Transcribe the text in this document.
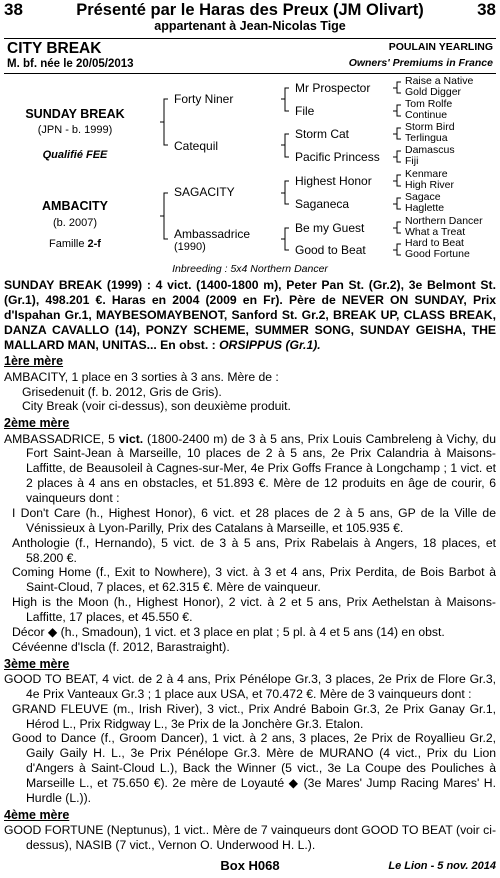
38	Présenté par le Haras des Preux (JM Olivart)	38
appartenant à Jean-Nicolas Tige
CITY BREAK	POULAIN YEARLING
M. bf. née le 20/05/2013	Owners' Premiums in France
SUNDAY BREAK
(JPN - b. 1999)
Qualifié FEE
AMBACITY
(b. 2007)
Famille 2-f
Forty Niner
Catequil
SAGACITY
Ambassadrice
(1990)
Mr Prospector
File
Storm Cat
Pacific Princess
Highest Honor
Saganeca
Be my Guest
Good to Beat
Raise a Native
Gold Digger
Tom Rolfe
Continue
Storm Bird
Terlingua
Damascus
Fiji
Kenmare
High River
Sagace
Haglette
Northern Dancer
What a Treat
Hard to Beat
Good Fortune
Inbreeding : 5x4 Northern Dancer

SUNDAY BREAK (1999) : 4 vict. (1400-1800 m), Peter Pan St. (Gr.2), 3e Belmont St. (Gr.1), 498.201 €. Haras en 2004 (2009 en Fr). Père de NEVER ON SUNDAY, Prix d'Ispahan Gr.1, MAYBESOMAYBENOT, Sanford St. Gr.2, BREAK UP, CLASS BREAK, DANZA CAVALLO (14), PONZY SCHEME, SUMMER SONG, SUNDAY GEISHA, THE MALLARD MAN, UNITAS... En obst. : ORSIPPUS (Gr.1).

1ère mère

AMBACITY, 1 place en 3 sorties à 3 ans. Mère de :

Grisedenuit (f. b. 2012, Gris de Gris).

City Break (voir ci-dessus), son deuxième produit.

2ème mère

AMBASSADRICE, 5 vict. (1800-2400 m) de 3 à 5 ans, Prix Louis Cambreleng à Vichy, du Fort Saint-Jean à Marseille, 10 places de 2 à 5 ans, 2e Prix Calandria à Maisons-Laffitte, de Beausoleil à Cagnes-sur-Mer, 4e Prix Goffs France à Longchamp ; 1 vict. et 2 places à 4 ans en obstacles, et 51.893 €. Mère de 12 produits en âge de courir, 6 vainqueurs dont :

I Don't Care (h., Highest Honor), 6 vict. et 28 places de 2 à 5 ans, GP de la Ville de Vénissieux à Lyon-Parilly, Prix des Catalans à Marseille, et 105.935 €.

Anthologie (f., Hernando), 5 vict. de 3 à 5 ans, Prix Rabelais à Angers, 18 places, et 58.200 €.

Coming Home (f., Exit to Nowhere), 3 vict. à 3 et 4 ans, Prix Perdita, de Bois Barbot à Saint-Cloud, 7 places, et 62.315 €. Mère de vainqueur.

High is the Moon (h., Highest Honor), 2 vict. à 2 et 5 ans, Prix Aethelstan à Maisons-Laffitte, 17 places, et 45.550 €.

Décor ◆ (h., Smadoun), 1 vict. et 3 place en plat ; 5 pl. à 4 et 5 ans (14) en obst.

Cévéenne d'Iscla (f. 2012, Barastraight).

3ème mère

GOOD TO BEAT, 4 vict. de 2 à 4 ans, Prix Pénélope Gr.3, 3 places, 2e Prix de Flore Gr.3, 4e Prix Vanteaux Gr.3 ; 1 place aux USA, et 70.472 €. Mère de 3 vainqueurs dont :

GRAND FLEUVE (m., Irish River), 3 vict., Prix André Baboin Gr.3, 2e Prix Ganay Gr.1, Hérod L., Prix Ridgway L., 3e Prix de la Jonchère Gr.3. Etalon.

Good to Dance (f., Groom Dancer), 1 vict. à 2 ans, 3 places, 2e Prix de Royallieu Gr.2, Gaily Gaily H. L., 3e Prix Pénélope Gr.3. Mère de MURANO (4 vict., Prix du Lion d'Angers à Saint-Cloud L.), Back the Winner (5 vict., 3e La Coupe des Pouliches à Marseille L., et 75.650 €). 2e mère de Loyauté ◆ (3e Mares' Jump Racing Mares' H. Hurdle (L.)).

4ème mère

GOOD FORTUNE (Neptunus), 1 vict.. Mère de 7 vainqueurs dont GOOD TO BEAT (voir ci-dessus), NASIB (7 vict., Vernon O. Underwood H. L.).

Box H068	Le Lion - 5 nov. 2014
